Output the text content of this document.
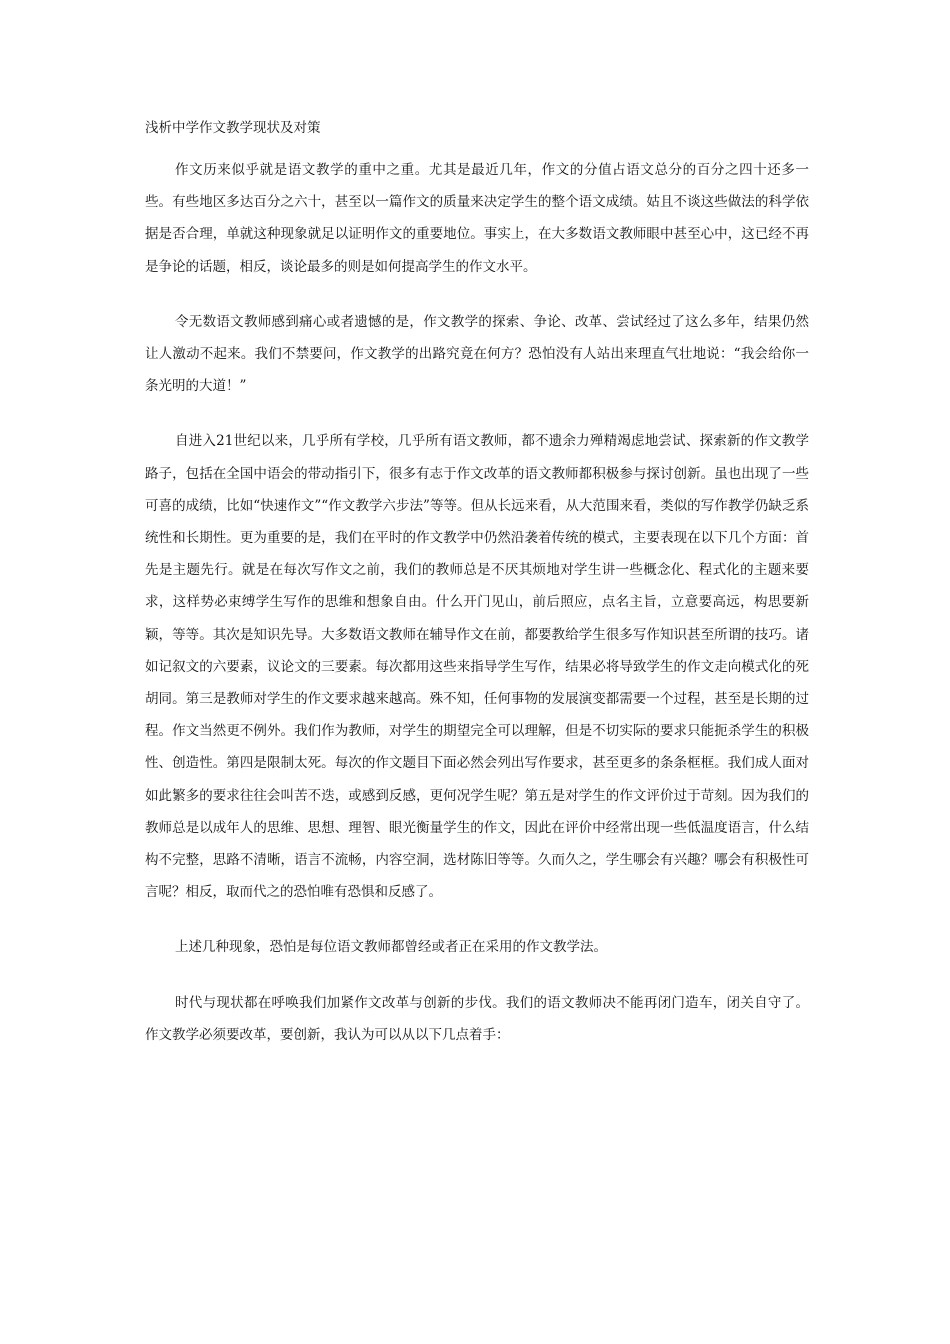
浅析中学作文教学现状及对策

作文历来似乎就是语文教学的重中之重。尤其是最近几年，作文的分值占语文总分的百分之四十还多一些。有些地区多达百分之六十，甚至以一篇作文的质量来决定学生的整个语文成绩。姑且不谈这些做法的科学依据是否合理，单就这种现象就足以证明作文的重要地位。事实上，在大多数语文教师眼中甚至心中，这已经不再是争论的话题，相反，谈论最多的则是如何提高学生的作文水平。

令无数语文教师感到痛心或者遗憾的是，作文教学的探索、争论、改革、尝试经过了这么多年，结果仍然让人激动不起来。我们不禁要问，作文教学的出路究竟在何方？恐怕没有人站出来理直气壮地说：“我会给你一条光明的大道！”

自进入21世纪以来，几乎所有学校，几乎所有语文教师，都不遗余力殚精竭虑地尝试、探索新的作文教学路子，包括在全国中语会的带动指引下，很多有志于作文改革的语文教师都积极参与探讨创新。虽也出现了一些可喜的成绩，比如“快速作文”“作文教学六步法”等等。但从长远来看，从大范围来看，类似的写作教学仍缺乏系统性和长期性。更为重要的是，我们在平时的作文教学中仍然沿袭着传统的模式，主要表现在以下几个方面：首先是主题先行。就是在每次写作文之前，我们的教师总是不厌其烦地对学生讲一些概念化、程式化的主题来要求，这样势必束缚学生写作的思维和想象自由。什么开门见山，前后照应，点名主旨，立意要高远，构思要新颖，等等。其次是知识先导。大多数语文教师在辅导作文在前，都要教给学生很多写作知识甚至所谓的技巧。诸如记叙文的六要素，议论文的三要素。每次都用这些来指导学生写作，结果必将导致学生的作文走向模式化的死胡同。第三是教师对学生的作文要求越来越高。殊不知，任何事物的发展演变都需要一个过程，甚至是长期的过程。作文当然更不例外。我们作为教师，对学生的期望完全可以理解，但是不切实际的要求只能扼杀学生的积极性、创造性。第四是限制太死。每次的作文题目下面必然会列出写作要求，甚至更多的条条框框。我们成人面对如此繁多的要求往往会叫苦不迭，或感到反感，更何况学生呢？第五是对学生的作文评价过于苛刻。因为我们的教师总是以成年人的思维、思想、理智、眼光衡量学生的作文，因此在评价中经常出现一些低温度语言，什么结构不完整，思路不清晰，语言不流畅，内容空洞，选材陈旧等等。久而久之，学生哪会有兴趣？哪会有积极性可言呢？相反，取而代之的恐怕唯有恐惧和反感了。

上述几种现象，恐怕是每位语文教师都曾经或者正在采用的作文教学法。

时代与现状都在呼唤我们加紧作文改革与创新的步伐。我们的语文教师决不能再闭门造车，闭关自守了。作文教学必须要改革，要创新，我认为可以从以下几点着手：
